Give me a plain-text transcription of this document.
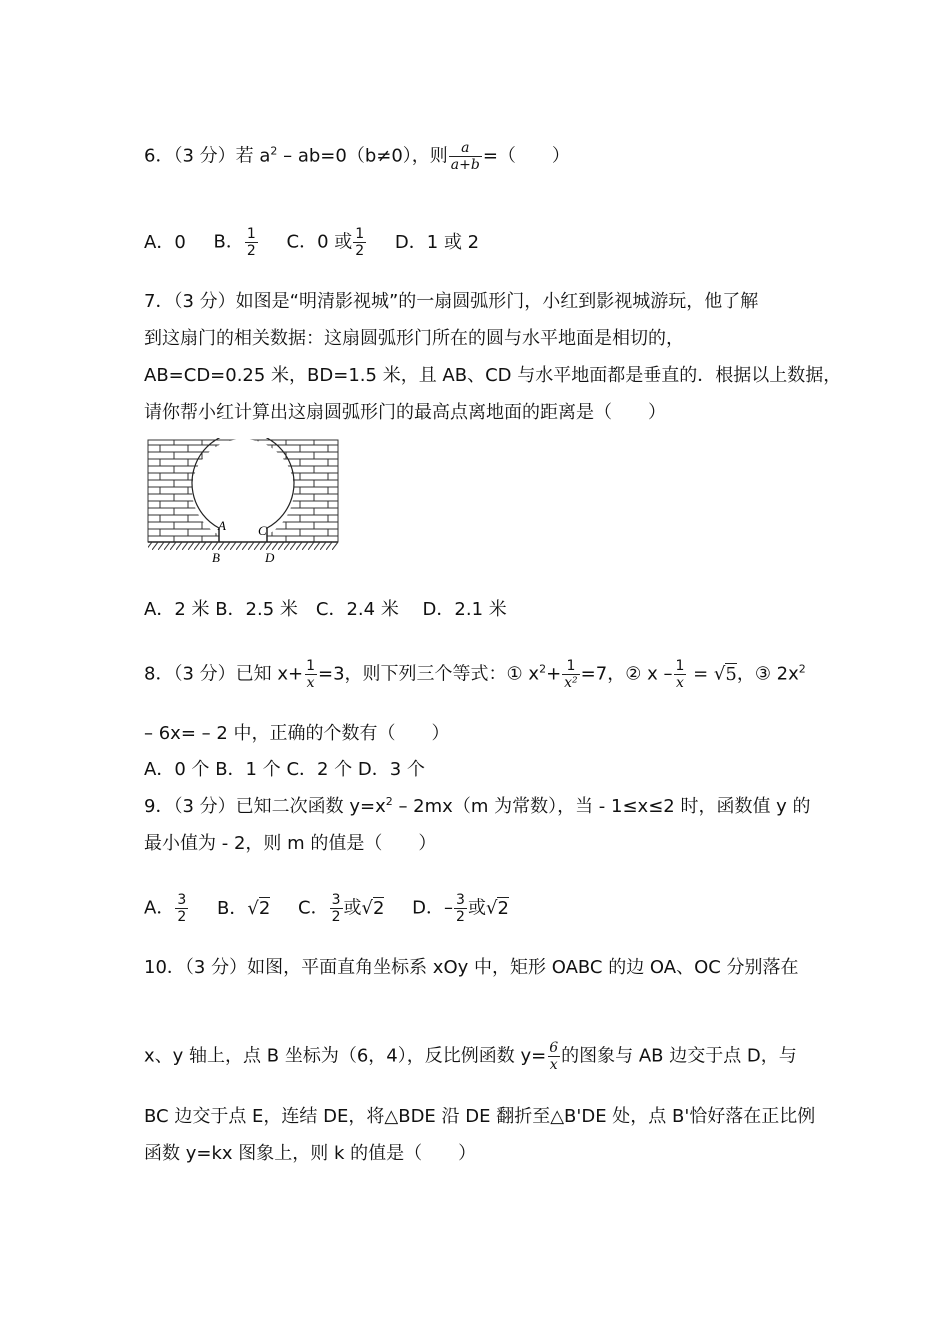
6．（3 分）若 $a^2 - ab=0(b\ne 0)$，则 $\frac{a}{a+b}$ =（　　）
A．0 B． $\frac{1}{2}$ C．0 或 $\frac{1}{2}$ D．1 或 2
7．（3 分）如图是“明清影视城”的一扇圆弧形门，小红到影视城游玩，他了解
到这扇门的相关数据：这扇圆弧形门所在的圆与水平地面是相切的，
AB=CD=0.25 米，BD=1.5 米，且 AB、CD 与水平地面都是垂直的．根据以上数据，
请你帮小红计算出这扇圆弧形门的最高点离地面的距离是（　　）
A
B
C
D
A．2 米 B．2.5 米　C．2.4 米　 D．2.1 米
8．（3 分）已知 $x+ \frac{1}{x} =3$，则下列三个等式：① $x^2+ \frac{1}{\text{x²}} =7$，② $x - \frac{1}{x} = √5$，③ $2x^2$
– 6x= – 2 中，正确的个数有（　　）
A．0 个 B．1 个 C．2 个 D．3 个
9．（3 分）已知二次函数 $y=x^2 - 2mx(m$ 为常数），当 - 1≤x≤2 时，函数值 y 的
最小值为 - 2，则 m 的值是（　　）
A． $\frac{3}{2}$ B．√2 C． $\frac{3}{2}$ 或√2 D．– $\frac{3}{2}$ 或√2
10．（3 分）如图，平面直角坐标系 xOy 中，矩形 OABC 的边 OA、OC 分别落在
x、y 轴上，点 B 坐标为（6，4），反比例函数 $y= \frac{6}{x}$ 的图象与 AB 边交于点 D，与
BC 边交于点 E，连结 DE，将△BDE 沿 DE 翻折至△B'DE 处，点 B'恰好落在正比例
函数 y=kx 图象上，则 k 的值是（　　）
